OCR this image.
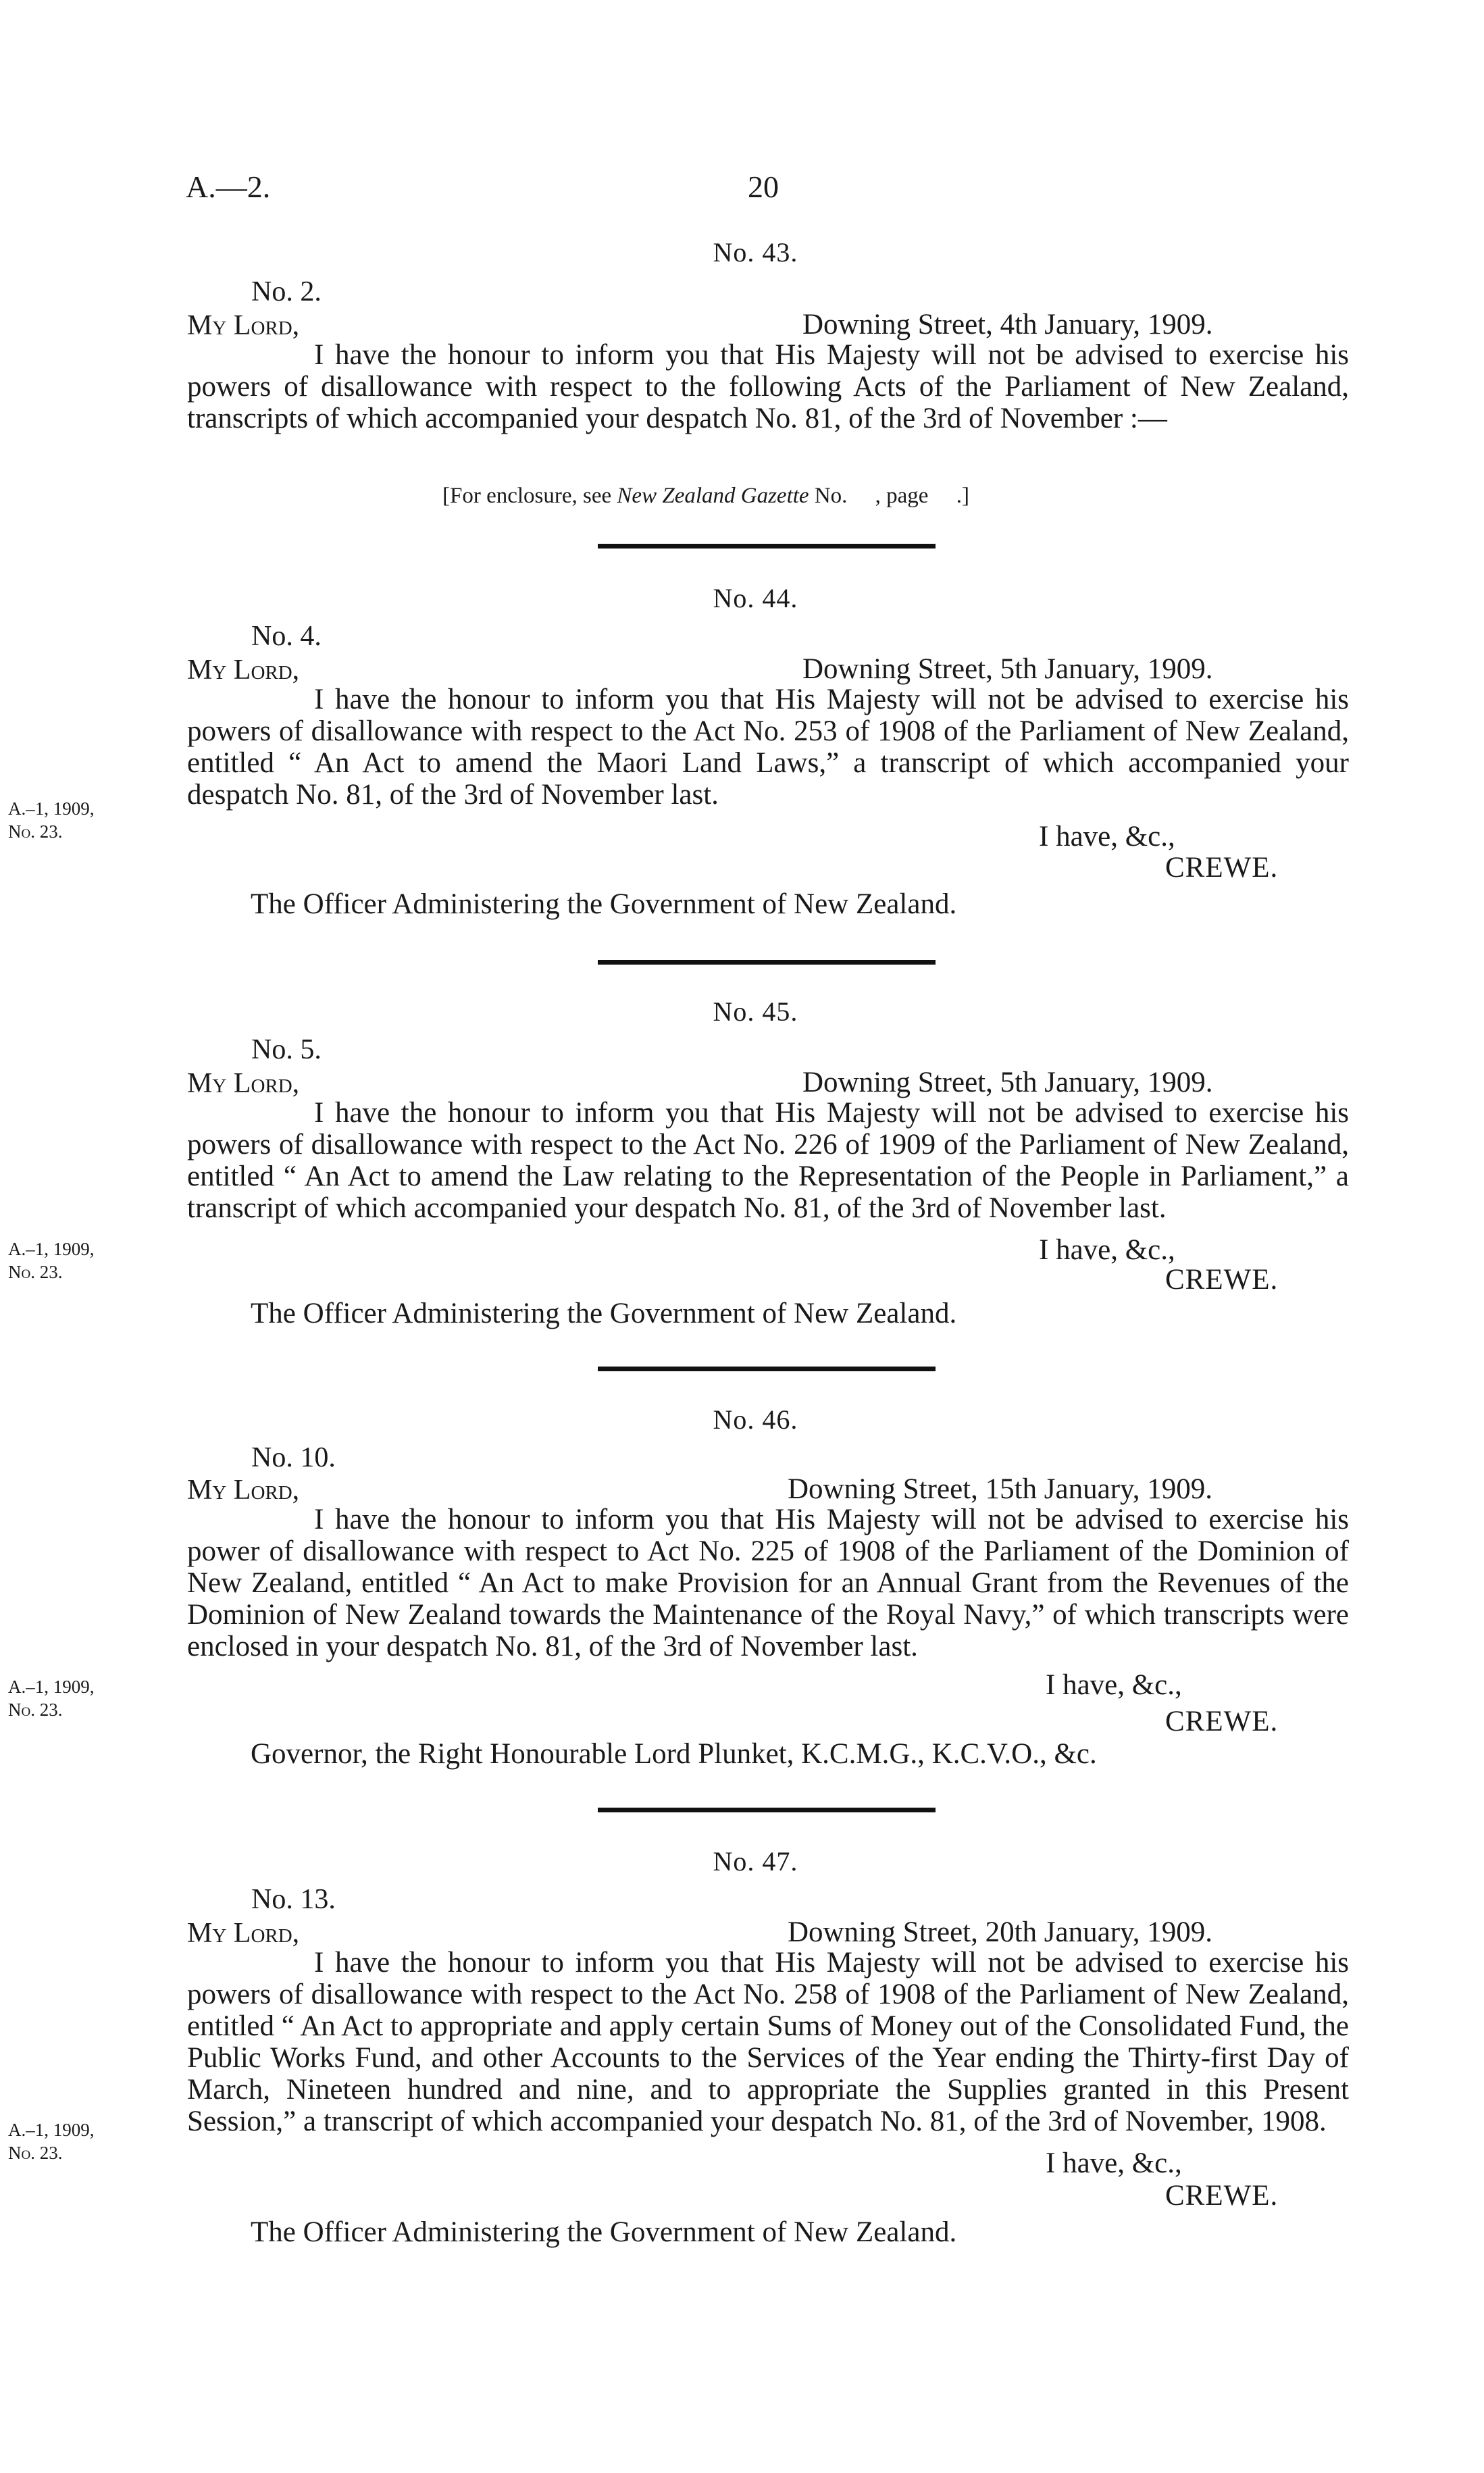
A.—2.	20
No. 43.
No. 2.
My Lord,	Downing Street, 4th January, 1909.

I have the honour to inform you that His Majesty will not be advised to exercise his powers of disallowance with respect to the following Acts of the Parliament of New Zealand, transcripts of which accompanied your despatch No. 81, of the 3rd of November :—

[For enclosure, see New Zealand Gazette No.     , page     .]
No. 44.
No. 4.
My Lord,	Downing Street, 5th January, 1909.

I have the honour to inform you that His Majesty will not be advised to exercise his powers of disallowance with respect to the Act No. 253 of 1908 of the Parliament of New Zealand, entitled “ An Act to amend the Maori Land Laws,” a transcript of which accompanied your despatch No. 81, of the 3rd of November last.

I have, &c.,
CREWE.
The Officer Administering the Government of New Zealand.
A.–1, 1909,
No. 23.
No. 45.
No. 5.
My Lord,	Downing Street, 5th January, 1909.

I have the honour to inform you that His Majesty will not be advised to exercise his powers of disallowance with respect to the Act No. 226 of 1909 of the Parliament of New Zealand, entitled “ An Act to amend the Law relating to the Representation of the People in Parliament,” a transcript of which accompanied your despatch No. 81, of the 3rd of November last.

I have, &c.,
CREWE.
The Officer Administering the Government of New Zealand.
A.–1, 1909,
No. 23.
No. 46.
No. 10.
My Lord,	Downing Street, 15th January, 1909.

I have the honour to inform you that His Majesty will not be advised to exercise his power of disallowance with respect to Act No. 225 of 1908 of the Parliament of the Dominion of New Zealand, entitled “ An Act to make Provision for an Annual Grant from the Revenues of the Dominion of New Zealand towards the Maintenance of the Royal Navy,” of which transcripts were enclosed in your despatch No. 81, of the 3rd of November last.

I have, &c.,
CREWE.
Governor, the Right Honourable Lord Plunket, K.C.M.G., K.C.V.O., &c.
A.–1, 1909,
No. 23.
No. 47.
No. 13.
My Lord,	Downing Street, 20th January, 1909.

I have the honour to inform you that His Majesty will not be advised to exercise his powers of disallowance with respect to the Act No. 258 of 1908 of the Parliament of New Zealand, entitled “ An Act to appropriate and apply certain Sums of Money out of the Consolidated Fund, the Public Works Fund, and other Accounts to the Services of the Year ending the Thirty-first Day of March, Nineteen hundred and nine, and to appropriate the Supplies granted in this Present Session,” a transcript of which accompanied your despatch No. 81, of the 3rd of November, 1908.

I have, &c.,
CREWE.
The Officer Administering the Government of New Zealand.
A.–1, 1909,
No. 23.
